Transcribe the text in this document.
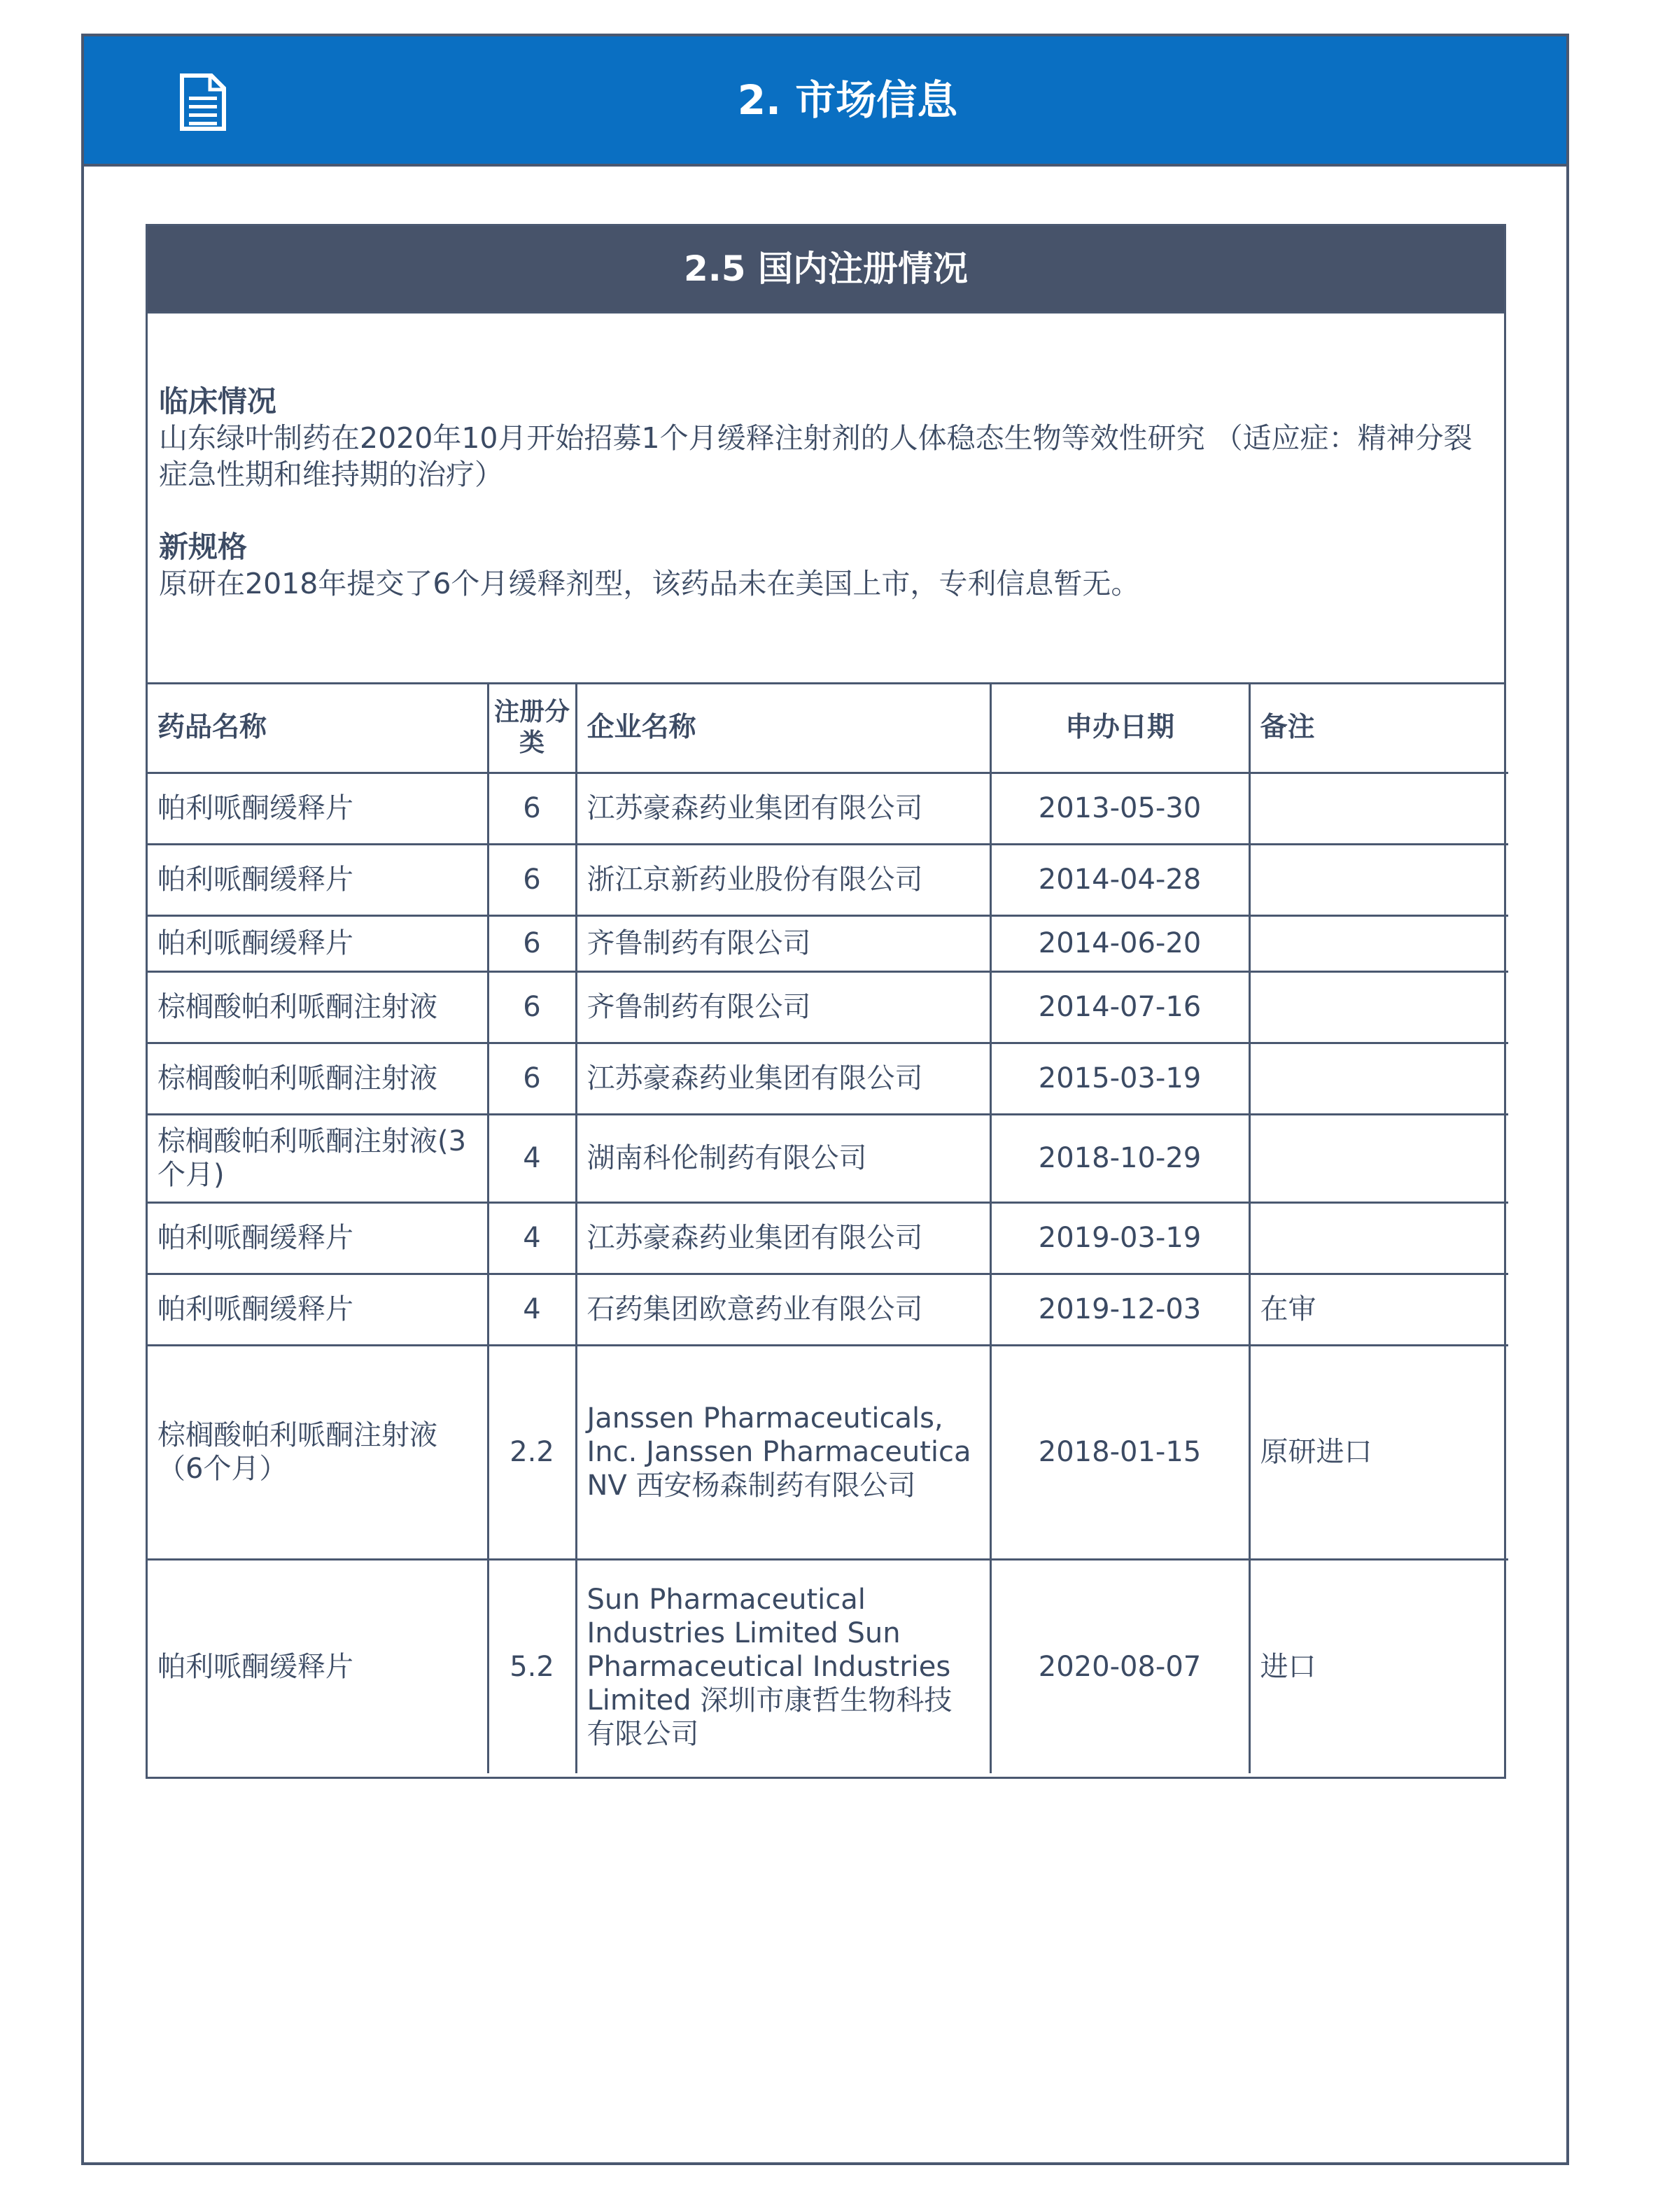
2. 市场信息
2.5 国内注册情况

临床情况

山东绿叶制药在2020年10月开始招募1个月缓释注射剂的人体稳态生物等效性研究 （适应症：精神分裂症急性期和维持期的治疗）

新规格

原研在2018年提交了6个月缓释剂型，该药品未在美国上市，专利信息暂无。

药品名称	注册分类	企业名称	申办日期	备注
帕利哌酮缓释片	6	江苏豪森药业集团有限公司	2013-05-30	
帕利哌酮缓释片	6	浙江京新药业股份有限公司	2014-04-28	
帕利哌酮缓释片	6	齐鲁制药有限公司	2014-06-20	
棕榈酸帕利哌酮注射液	6	齐鲁制药有限公司	2014-07-16	
棕榈酸帕利哌酮注射液	6	江苏豪森药业集团有限公司	2015-03-19	
棕榈酸帕利哌酮注射液(3个月)	4	湖南科伦制药有限公司	2018-10-29	
帕利哌酮缓释片	4	江苏豪森药业集团有限公司	2019-03-19	
帕利哌酮缓释片	4	石药集团欧意药业有限公司	2019-12-03	在审
棕榈酸帕利哌酮注射液（6个月）	2.2	Janssen Pharmaceuticals, Inc. Janssen Pharmaceutica NV 西安杨森制药有限公司	2018-01-15	原研进口
帕利哌酮缓释片	5.2	Sun Pharmaceutical Industries Limited Sun Pharmaceutical Industries Limited 深圳市康哲生物科技有限公司	2020-08-07	进口
